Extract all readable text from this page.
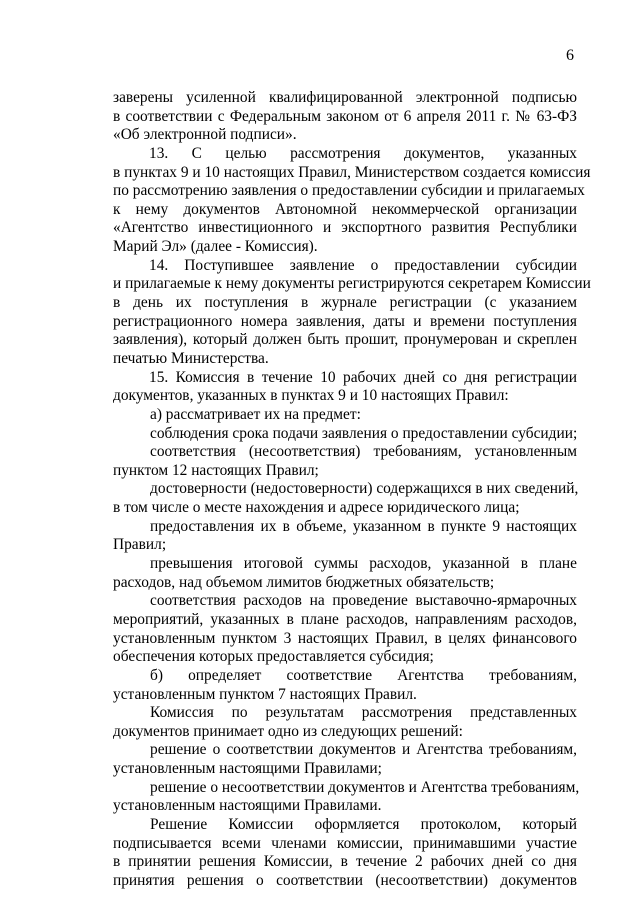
6

заверены усиленной квалифицированной электронной подписью
в соответствии с Федеральным законом от 6 апреля 2011 г. № 63-ФЗ
«Об электронной подписи».

13. С целью рассмотрения документов, указанных
в пунктах 9 и 10 настоящих Правил, Министерством создается комиссия
по рассмотрению заявления о предоставлении субсидии и прилагаемых
к нему документов Автономной некоммерческой организации
«Агентство инвестиционного и экспортного развития Республики
Марий Эл» (далее - Комиссия).

14. Поступившее заявление о предоставлении субсидии
и прилагаемые к нему документы регистрируются секретарем Комиссии
в день их поступления в журнале регистрации (с указанием
регистрационного номера заявления, даты и времени поступления
заявления), который должен быть прошит, пронумерован и скреплен
печатью Министерства.

15. Комиссия в течение 10 рабочих дней со дня регистрации
документов, указанных в пунктах 9 и 10 настоящих Правил:

а) рассматривает их на предмет:

соблюдения срока подачи заявления о предоставлении субсидии;

соответствия (несоответствия) требованиям, установленным
пунктом 12 настоящих Правил;

достоверности (недостоверности) содержащихся в них сведений,
в том числе о месте нахождения и адресе юридического лица;

предоставления их в объеме, указанном в пункте 9 настоящих
Правил;

превышения итоговой суммы расходов, указанной в плане
расходов, над объемом лимитов бюджетных обязательств;

соответствия расходов на проведение выставочно-ярмарочных
мероприятий, указанных в плане расходов, направлениям расходов,
установленным пунктом 3 настоящих Правил, в целях финансового
обеспечения которых предоставляется субсидия;

б) определяет соответствие Агентства требованиям,
установленным пунктом 7 настоящих Правил.

Комиссия по результатам рассмотрения представленных
документов принимает одно из следующих решений:

решение о соответствии документов и Агентства требованиям,
установленным настоящими Правилами;

решение о несоответствии документов и Агентства требованиям,
установленным настоящими Правилами.

Решение Комиссии оформляется протоколом, который
подписывается всеми членами комиссии, принимавшими участие
в принятии решения Комиссии, в течение 2 рабочих дней со дня
принятия решения о соответствии (несоответствии) документов
